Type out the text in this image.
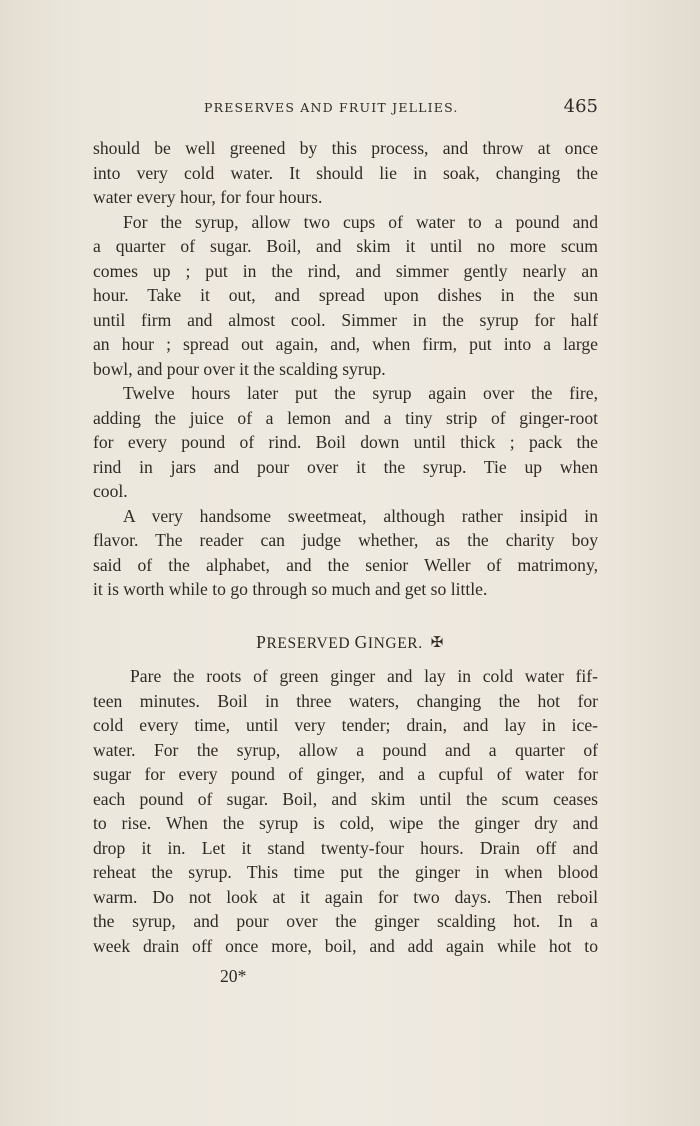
PRESERVES AND FRUIT JELLIES.	465
should be well greened by this process, and throw at once
into very cold water. It should lie in soak, changing the
water every hour, for four hours.
For the syrup, allow two cups of water to a pound and
a quarter of sugar. Boil, and skim it until no more scum
comes up ; put in the rind, and simmer gently nearly an
hour. Take it out, and spread upon dishes in the sun
until firm and almost cool. Simmer in the syrup for half
an hour ; spread out again, and, when firm, put into a large
bowl, and pour over it the scalding syrup.
Twelve hours later put the syrup again over the fire,
adding the juice of a lemon and a tiny strip of ginger-root
for every pound of rind. Boil down until thick ; pack the
rind in jars and pour over it the syrup. Tie up when
cool.
A very handsome sweetmeat, although rather insipid in
flavor. The reader can judge whether, as the charity boy
said of the alphabet, and the senior Weller of matrimony,
it is worth while to go through so much and get so little.
PRESERVED GINGER. ✠
Pare the roots of green ginger and lay in cold water fif-
teen minutes. Boil in three waters, changing the hot for
cold every time, until very tender; drain, and lay in ice-
water. For the syrup, allow a pound and a quarter of
sugar for every pound of ginger, and a cupful of water for
each pound of sugar. Boil, and skim until the scum ceases
to rise. When the syrup is cold, wipe the ginger dry and
drop it in. Let it stand twenty-four hours. Drain off and
reheat the syrup. This time put the ginger in when blood
warm. Do not look at it again for two days. Then reboil
the syrup, and pour over the ginger scalding hot. In a
week drain off once more, boil, and add again while hot to
20*
